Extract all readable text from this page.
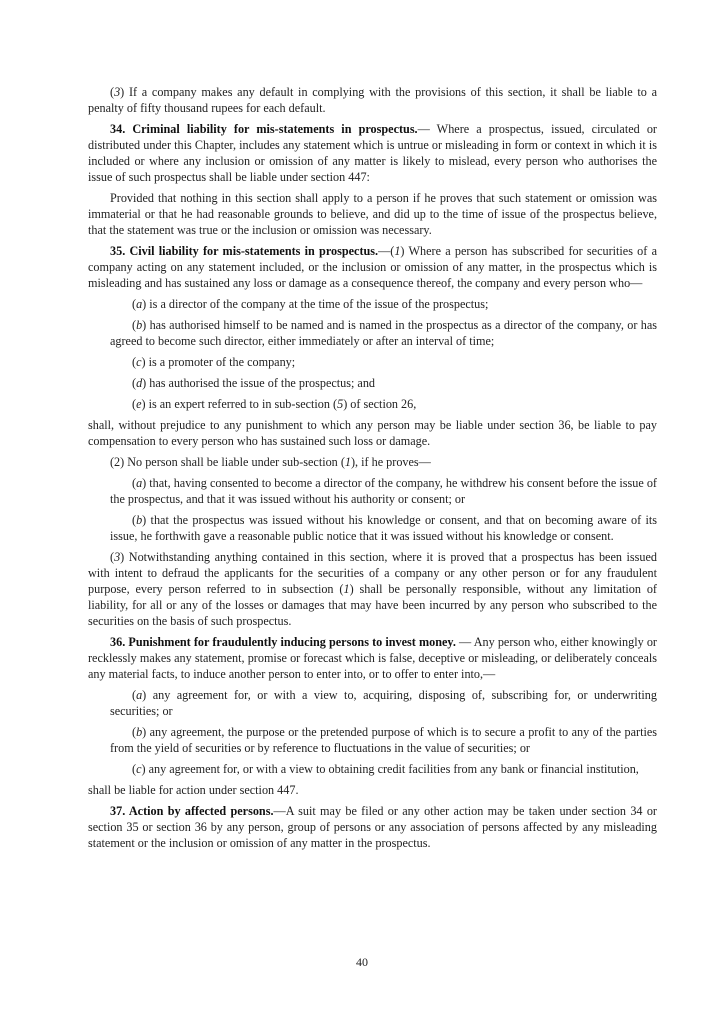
(3) If a company makes any default in complying with the provisions of this section, it shall be liable to a penalty of fifty thousand rupees for each default.

34. Criminal liability for mis-statements in prospectus.— Where a prospectus, issued, circulated or distributed under this Chapter, includes any statement which is untrue or misleading in form or context in which it is included or where any inclusion or omission of any matter is likely to mislead, every person who authorises the issue of such prospectus shall be liable under section 447:

Provided that nothing in this section shall apply to a person if he proves that such statement or omission was immaterial or that he had reasonable grounds to believe, and did up to the time of issue of the prospectus believe, that the statement was true or the inclusion or omission was necessary.

35. Civil liability for mis-statements in prospectus.—(1) Where a person has subscribed for securities of a company acting on any statement included, or the inclusion or omission of any matter, in the prospectus which is misleading and has sustained any loss or damage as a consequence thereof, the company and every person who—

(a) is a director of the company at the time of the issue of the prospectus;

(b) has authorised himself to be named and is named in the prospectus as a director of the company, or has agreed to become such director, either immediately or after an interval of time;

(c) is a promoter of the company;

(d) has authorised the issue of the prospectus; and

(e) is an expert referred to in sub-section (5) of section 26,

shall, without prejudice to any punishment to which any person may be liable under section 36, be liable to pay compensation to every person who has sustained such loss or damage.

(2) No person shall be liable under sub-section (1), if he proves—

(a) that, having consented to become a director of the company, he withdrew his consent before the issue of the prospectus, and that it was issued without his authority or consent; or

(b) that the prospectus was issued without his knowledge or consent, and that on becoming aware of its issue, he forthwith gave a reasonable public notice that it was issued without his knowledge or consent.

(3) Notwithstanding anything contained in this section, where it is proved that a prospectus has been issued with intent to defraud the applicants for the securities of a company or any other person or for any fraudulent purpose, every person referred to in subsection (1) shall be personally responsible, without any limitation of liability, for all or any of the losses or damages that may have been incurred by any person who subscribed to the securities on the basis of such prospectus.

36. Punishment for fraudulently inducing persons to invest money. — Any person who, either knowingly or recklessly makes any statement, promise or forecast which is false, deceptive or misleading, or deliberately conceals any material facts, to induce another person to enter into, or to offer to enter into,—

(a) any agreement for, or with a view to, acquiring, disposing of, subscribing for, or underwriting securities; or

(b) any agreement, the purpose or the pretended purpose of which is to secure a profit to any of the parties from the yield of securities or by reference to fluctuations in the value of securities; or

(c) any agreement for, or with a view to obtaining credit facilities from any bank or financial institution,

shall be liable for action under section 447.

37. Action by affected persons.—A suit may be filed or any other action may be taken under section 34 or section 35 or section 36 by any person, group of persons or any association of persons affected by any misleading statement or the inclusion or omission of any matter in the prospectus.

40
